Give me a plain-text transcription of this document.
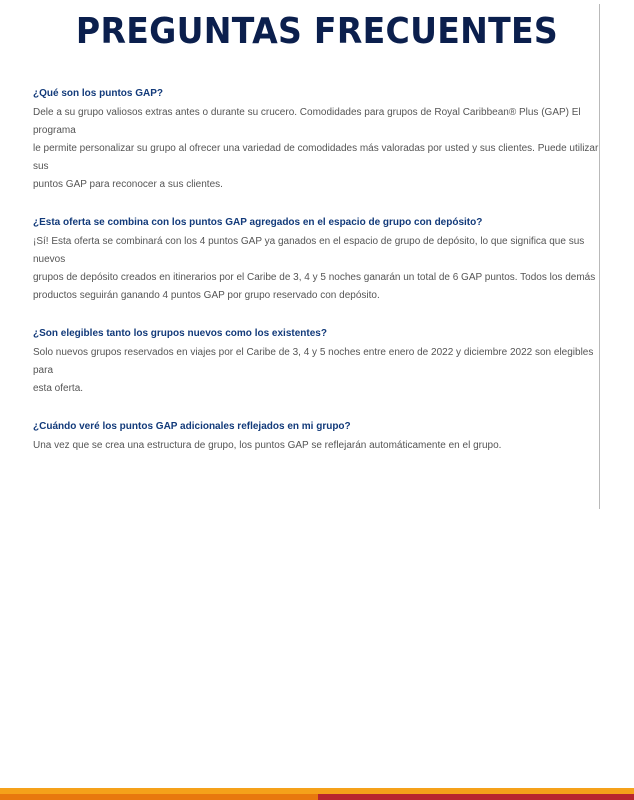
PREGUNTAS FRECUENTES

¿Qué son los puntos GAP?

Dele a su grupo valiosos extras antes o durante su crucero. Comodidades para grupos de Royal Caribbean® Plus (GAP) El programa
le permite personalizar su grupo al ofrecer una variedad de comodidades más valoradas por usted y sus clientes. Puede utilizar sus
puntos GAP para reconocer a sus clientes.

¿Esta oferta se combina con los puntos GAP agregados en el espacio de grupo con depósito?

¡Sí! Esta oferta se combinará con los 4 puntos GAP ya ganados en el espacio de grupo de depósito, lo que significa que sus nuevos
grupos de depósito creados en itinerarios por el Caribe de 3, 4 y 5 noches ganarán un total de 6 GAP puntos. Todos los demás
productos seguirán ganando 4 puntos GAP por grupo reservado con depósito.

¿Son elegibles tanto los grupos nuevos como los existentes?

Solo nuevos grupos reservados en viajes por el Caribe de 3, 4 y 5 noches entre enero de 2022 y diciembre 2022 son elegibles para
esta oferta.

¿Cuándo veré los puntos GAP adicionales reflejados en mi grupo?

Una vez que se crea una estructura de grupo, los puntos GAP se reflejarán automáticamente en el grupo.
